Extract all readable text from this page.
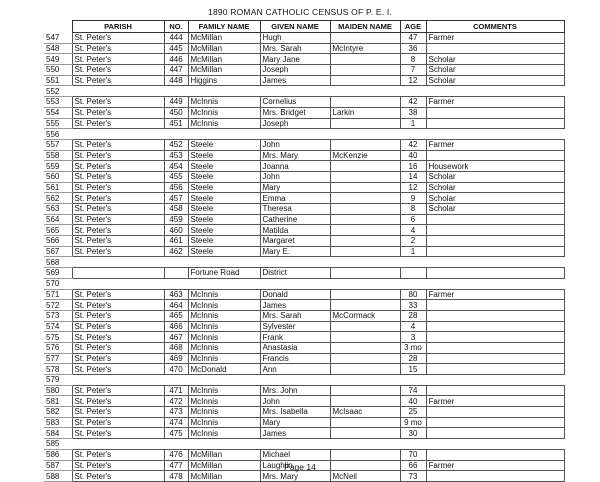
1890 ROMAN CATHOLIC CENSUS OF P. E. I.
	PARISH	NO.	FAMILY NAME	GIVEN NAME	MAIDEN NAME	AGE	COMMENTS
547	St. Peter's	444	McMillan	Hugh		47	Farmer
548	St. Peter's	445	McMillan	Mrs. Sarah	McIntyre	36	
549	St. Peter's	446	McMillan	Mary Jane		8	Scholar
550	St. Peter's	447	McMillan	Joseph		7	Scholar
551	St. Peter's	448	Higgins	James		12	Scholar
552							
553	St. Peter's	449	McInnis	Cornelius		42	Farmer
554	St. Peter's	450	McInnis	Mrs. Bridget	Larkin	38	
555	St. Peter's	451	McInnis	Joseph		1	
556							
557	St. Peter's	452	Steele	John		42	Farmer
558	St. Peter's	453	Steele	Mrs. Mary	McKenzie	40	
559	St. Peter's	454	Steele	Joanna		16	Housework
560	St. Peter's	455	Steele	John		14	Scholar
561	St. Peter's	456	Steele	Mary		12	Scholar
562	St. Peter's	457	Steele	Emma		9	Scholar
563	St. Peter's	458	Steele	Theresa		8	Scholar
564	St. Peter's	459	Steele	Catherine		6	
565	St. Peter's	460	Steele	Matilda		4	
566	St. Peter's	461	Steele	Margaret		2	
567	St. Peter's	462	Steele	Mary E.		1	
568							
569			Fortune Road	District			
570							
571	St. Peter's	463	McInnis	Donald		80	Farmer
572	St. Peter's	464	McInnis	James		33	
573	St. Peter's	465	McInnis	Mrs. Sarah	McCormack	28	
574	St. Peter's	466	McInnis	Sylvester		4	
575	St. Peter's	467	McInnis	Frank		3	
576	St. Peter's	468	McInnis	Anastasia		3 mo	
577	St. Peter's	469	McInnis	Francis		28	
578	St. Peter's	470	McDonald	Ann		15	
579							
580	St. Peter's	471	McInnis	Mrs. John		74	
581	St. Peter's	472	McInnis	John		40	Farmer
582	St. Peter's	473	McInnis	Mrs. Isabella	McIsaac	25	
583	St. Peter's	474	McInnis	Mary		9 mo	
584	St. Peter's	475	McInnis	James		30	
585							
586	St. Peter's	476	McMillan	Michael		70	
587	St. Peter's	477	McMillan	Laughlin		66	Farmer
588	St. Peter's	478	McMillan	Mrs. Mary	McNeil	73	
Page 14
